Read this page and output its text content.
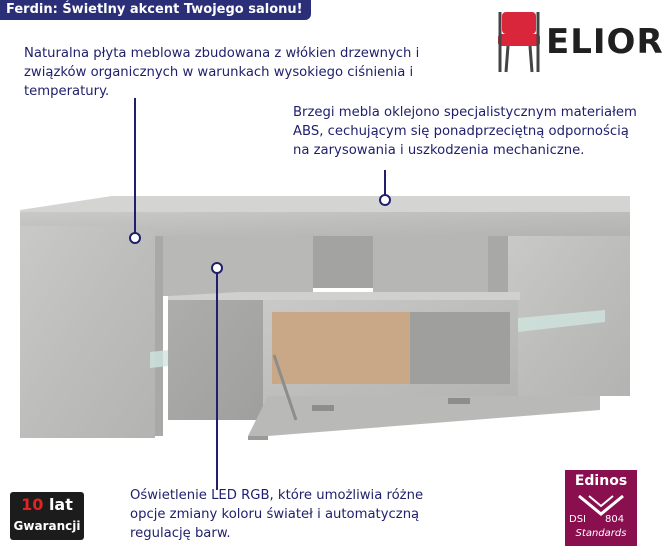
Ferdin: Świetlny akcent Twojego salonu!
ELIOR
Naturalna płyta meblowa zbudowana z włókien drzewnych i związków organicznych w warunkach wysokiego ciśnienia i temperatury.
Brzegi mebla oklejono specjalistycznym materiałem ABS, cechującym się ponadprzeciętną odpornością na zarysowania i uszkodzenia mechaniczne.
Oświetlenie LED RGB, które umożliwia różne opcje zmiany koloru świateł i automatyczną regulację barw.
10 lat
Gwarancji
Edinos
DSI 804
Standards
